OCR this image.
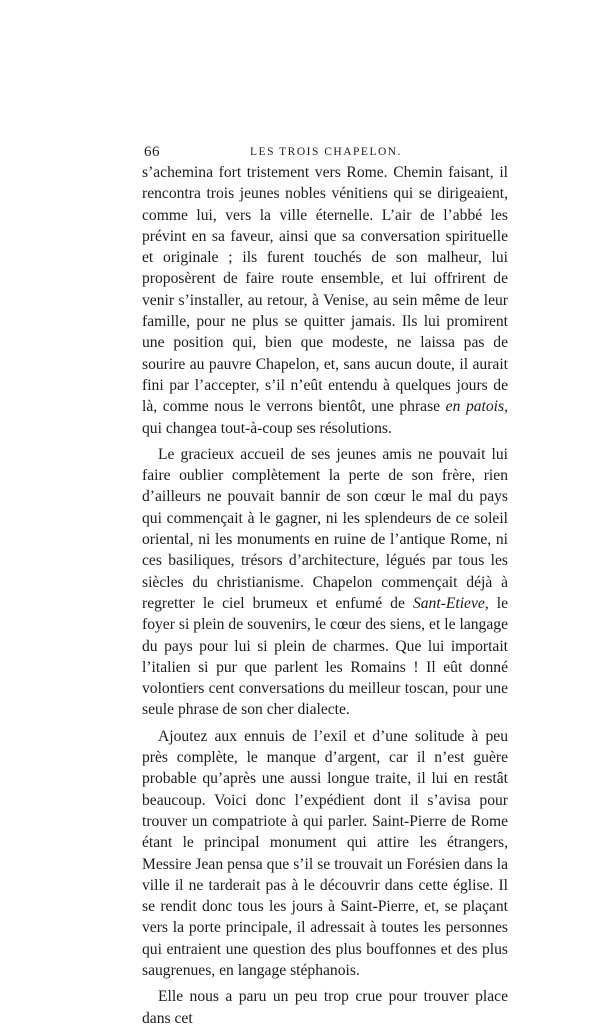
66	LES TROIS CHAPELON.

s’achemina fort tristement vers Rome. Chemin faisant, il rencontra trois jeunes nobles vénitiens qui se dirigeaient, comme lui, vers la ville éternelle. L’air de l’abbé les prévint en sa faveur, ainsi que sa conversation spirituelle et originale ; ils furent touchés de son malheur, lui proposèrent de faire route ensemble, et lui offrirent de venir s’installer, au retour, à Venise, au sein même de leur famille, pour ne plus se quitter jamais. Ils lui promirent une position qui, bien que modeste, ne laissa pas de sourire au pauvre Chapelon, et, sans aucun doute, il aurait fini par l’accepter, s’il n’eût entendu à quelques jours de là, comme nous le verrons bientôt, une phrase en patois, qui changea tout-à-coup ses résolutions.

Le gracieux accueil de ses jeunes amis ne pouvait lui faire oublier complètement la perte de son frère, rien d’ailleurs ne pouvait bannir de son cœur le mal du pays qui commençait à le gagner, ni les splendeurs de ce soleil oriental, ni les monuments en ruine de l’antique Rome, ni ces basiliques, trésors d’architecture, légués par tous les siècles du christianisme. Chapelon commençait déjà à regretter le ciel brumeux et enfumé de Sant-Etieve, le foyer si plein de souvenirs, le cœur des siens, et le langage du pays pour lui si plein de charmes. Que lui importait l’italien si pur que parlent les Romains ! Il eût donné volontiers cent conversations du meilleur toscan, pour une seule phrase de son cher dialecte.

Ajoutez aux ennuis de l’exil et d’une solitude à peu près complète, le manque d’argent, car il n’est guère probable qu’après une aussi longue traite, il lui en restât beaucoup. Voici donc l’expédient dont il s’avisa pour trouver un compatriote à qui parler. Saint-Pierre de Rome étant le principal monument qui attire les étrangers, Messire Jean pensa que s’il se trouvait un Forésien dans la ville il ne tarderait pas à le découvrir dans cette église. Il se rendit donc tous les jours à Saint-Pierre, et, se plaçant vers la porte principale, il adressait à toutes les personnes qui entraient une question des plus bouffonnes et des plus saugrenues, en langage stéphanois.

Elle nous a paru un peu trop crue pour trouver place dans cet
